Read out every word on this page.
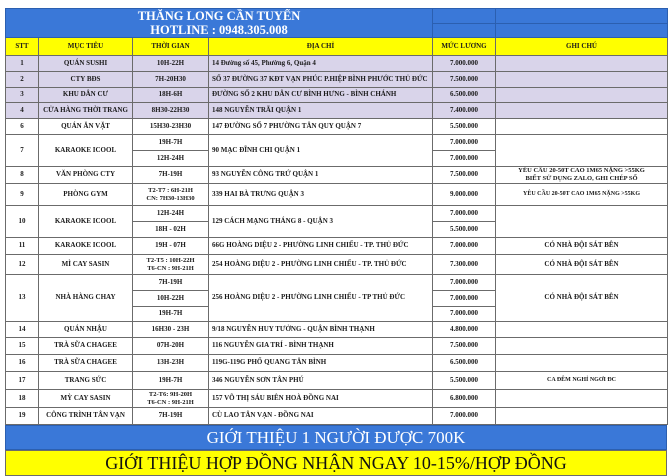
THĂNG LONG CẦN TUYỂN
HOTLINE : 0948.305.008					

STT	MỤC TIÊU	THỜI GIAN	ĐỊA CHỈ	MỨC LƯƠNG	GHI CHÚ
1	QUÁN SUSHI	10H-22H	14 Đường số 45, Phường 6, Quận 4	7.000.000	
2	CTY BĐS	7H-20H30	SỐ 37 ĐƯỜNG 37 KĐT VẠN PHÚC P.HIỆP BÌNH PHƯỚC THỦ ĐỨC	7.500.000	
3	KHU DÂN CƯ	18H-6H	ĐƯỜNG SỐ 2 KHU DÂN CƯ BÌNH HƯNG - BÌNH CHÁNH	6.500.000	
4	CỬA HÀNG THỜI TRANG	8H30-22H30	148 NGUYỄN TRÃI QUẬN 1	7.400.000	
6	QUÁN ĂN VẶT	15H30-23H30	147 ĐƯỜNG SỐ 7 PHƯỜNG TÂN QUY QUẬN 7	5.500.000	
7	KARAOKE ICOOL	19H-7H	90 MẠC ĐĨNH CHI QUẬN 1	7.000.000	
		12H-24H		7.000.000	
8	VĂN PHÒNG CTY	7H-19H	93 NGUYỄN CÔNG TRỨ QUẬN 1	7.500.000	YÊU CẦU 20-50T CAO 1M65 NẶNG >55KG
BIẾT SỬ DỤNG ZALO, GHI CHÉP SỔ

9	PHÒNG GYM	T2-T7 : 6H-21H
CN: 7H30-13H30	339 HAI BÀ TRƯNG QUẬN 3	9.000.000	YÊU CẦU 20-50T CAO 1M65 NẶNG >55KG
10	KARAOKE ICOOL	12H-24H	129 CÁCH MẠNG THÁNG 8 - QUẬN 3	7.000.000	
		18H - 02H		5.500.000	
11	KARAOKE ICOOL	19H - 07H	66G HOÀNG DIỆU 2 - PHƯỜNG LINH CHIỂU - TP. THỦ ĐỨC	7.000.000	CÓ NHÀ ĐỘI SÁT BÊN
12	MÌ CAY SASIN	T2-T5 : 10H-22H
T6-CN : 9H-21H	254 HOÀNG DIỆU 2 - PHƯỜNG LINH CHIỂU - TP. THỦ ĐỨC	7.300.000	CÓ NHÀ ĐỘI SÁT BÊN
13	NHÀ HÀNG CHAY	7H-19H	256 HOÀNG DIỆU 2 - PHƯỜNG LINH CHIỂU - TP THỦ ĐỨC	7.000.000	CÓ NHÀ ĐỘI SÁT BÊN
		10H-22H		7.000.000	
		19H-7H		7.000.000	
14	QUÁN NHẬU	16H30 - 23H	9/18 NGUYỄN HUY TƯỞNG - QUẬN BÌNH THẠNH	4.800.000	
15	TRÀ SỮA CHAGEE	07H-20H	116 NGUYỄN GIA TRÍ - BÌNH THẠNH	7.500.000	
16	TRÀ SỮA CHAGEE	13H-23H	119G-119G PHỔ QUANG TÂN BÌNH	6.500.000	
17	TRANG SỨC	19H-7H	346 NGUYỄN SƠN TÂN PHÚ	5.500.000	CA ĐÊM NGHỈ NGƠI ĐC
18	MỲ CAY SASIN	T2-T6: 9H-20H
T6-CN : 9H-21H	157 VÕ THỊ SÁU BIÊN HOÀ ĐỒNG NAI	6.800.000	
19	CÔNG TRÌNH TÂN VẠN	7H-19H	CÙ LAO TÂN VẠN - ĐỒNG NAI	7.000.000	
GIỚI THIỆU 1 NGƯỜI ĐƯỢC 700K
GIỚI THIỆU HỢP ĐỒNG NHẬN NGAY 10-15%/HỢP ĐỒNG
